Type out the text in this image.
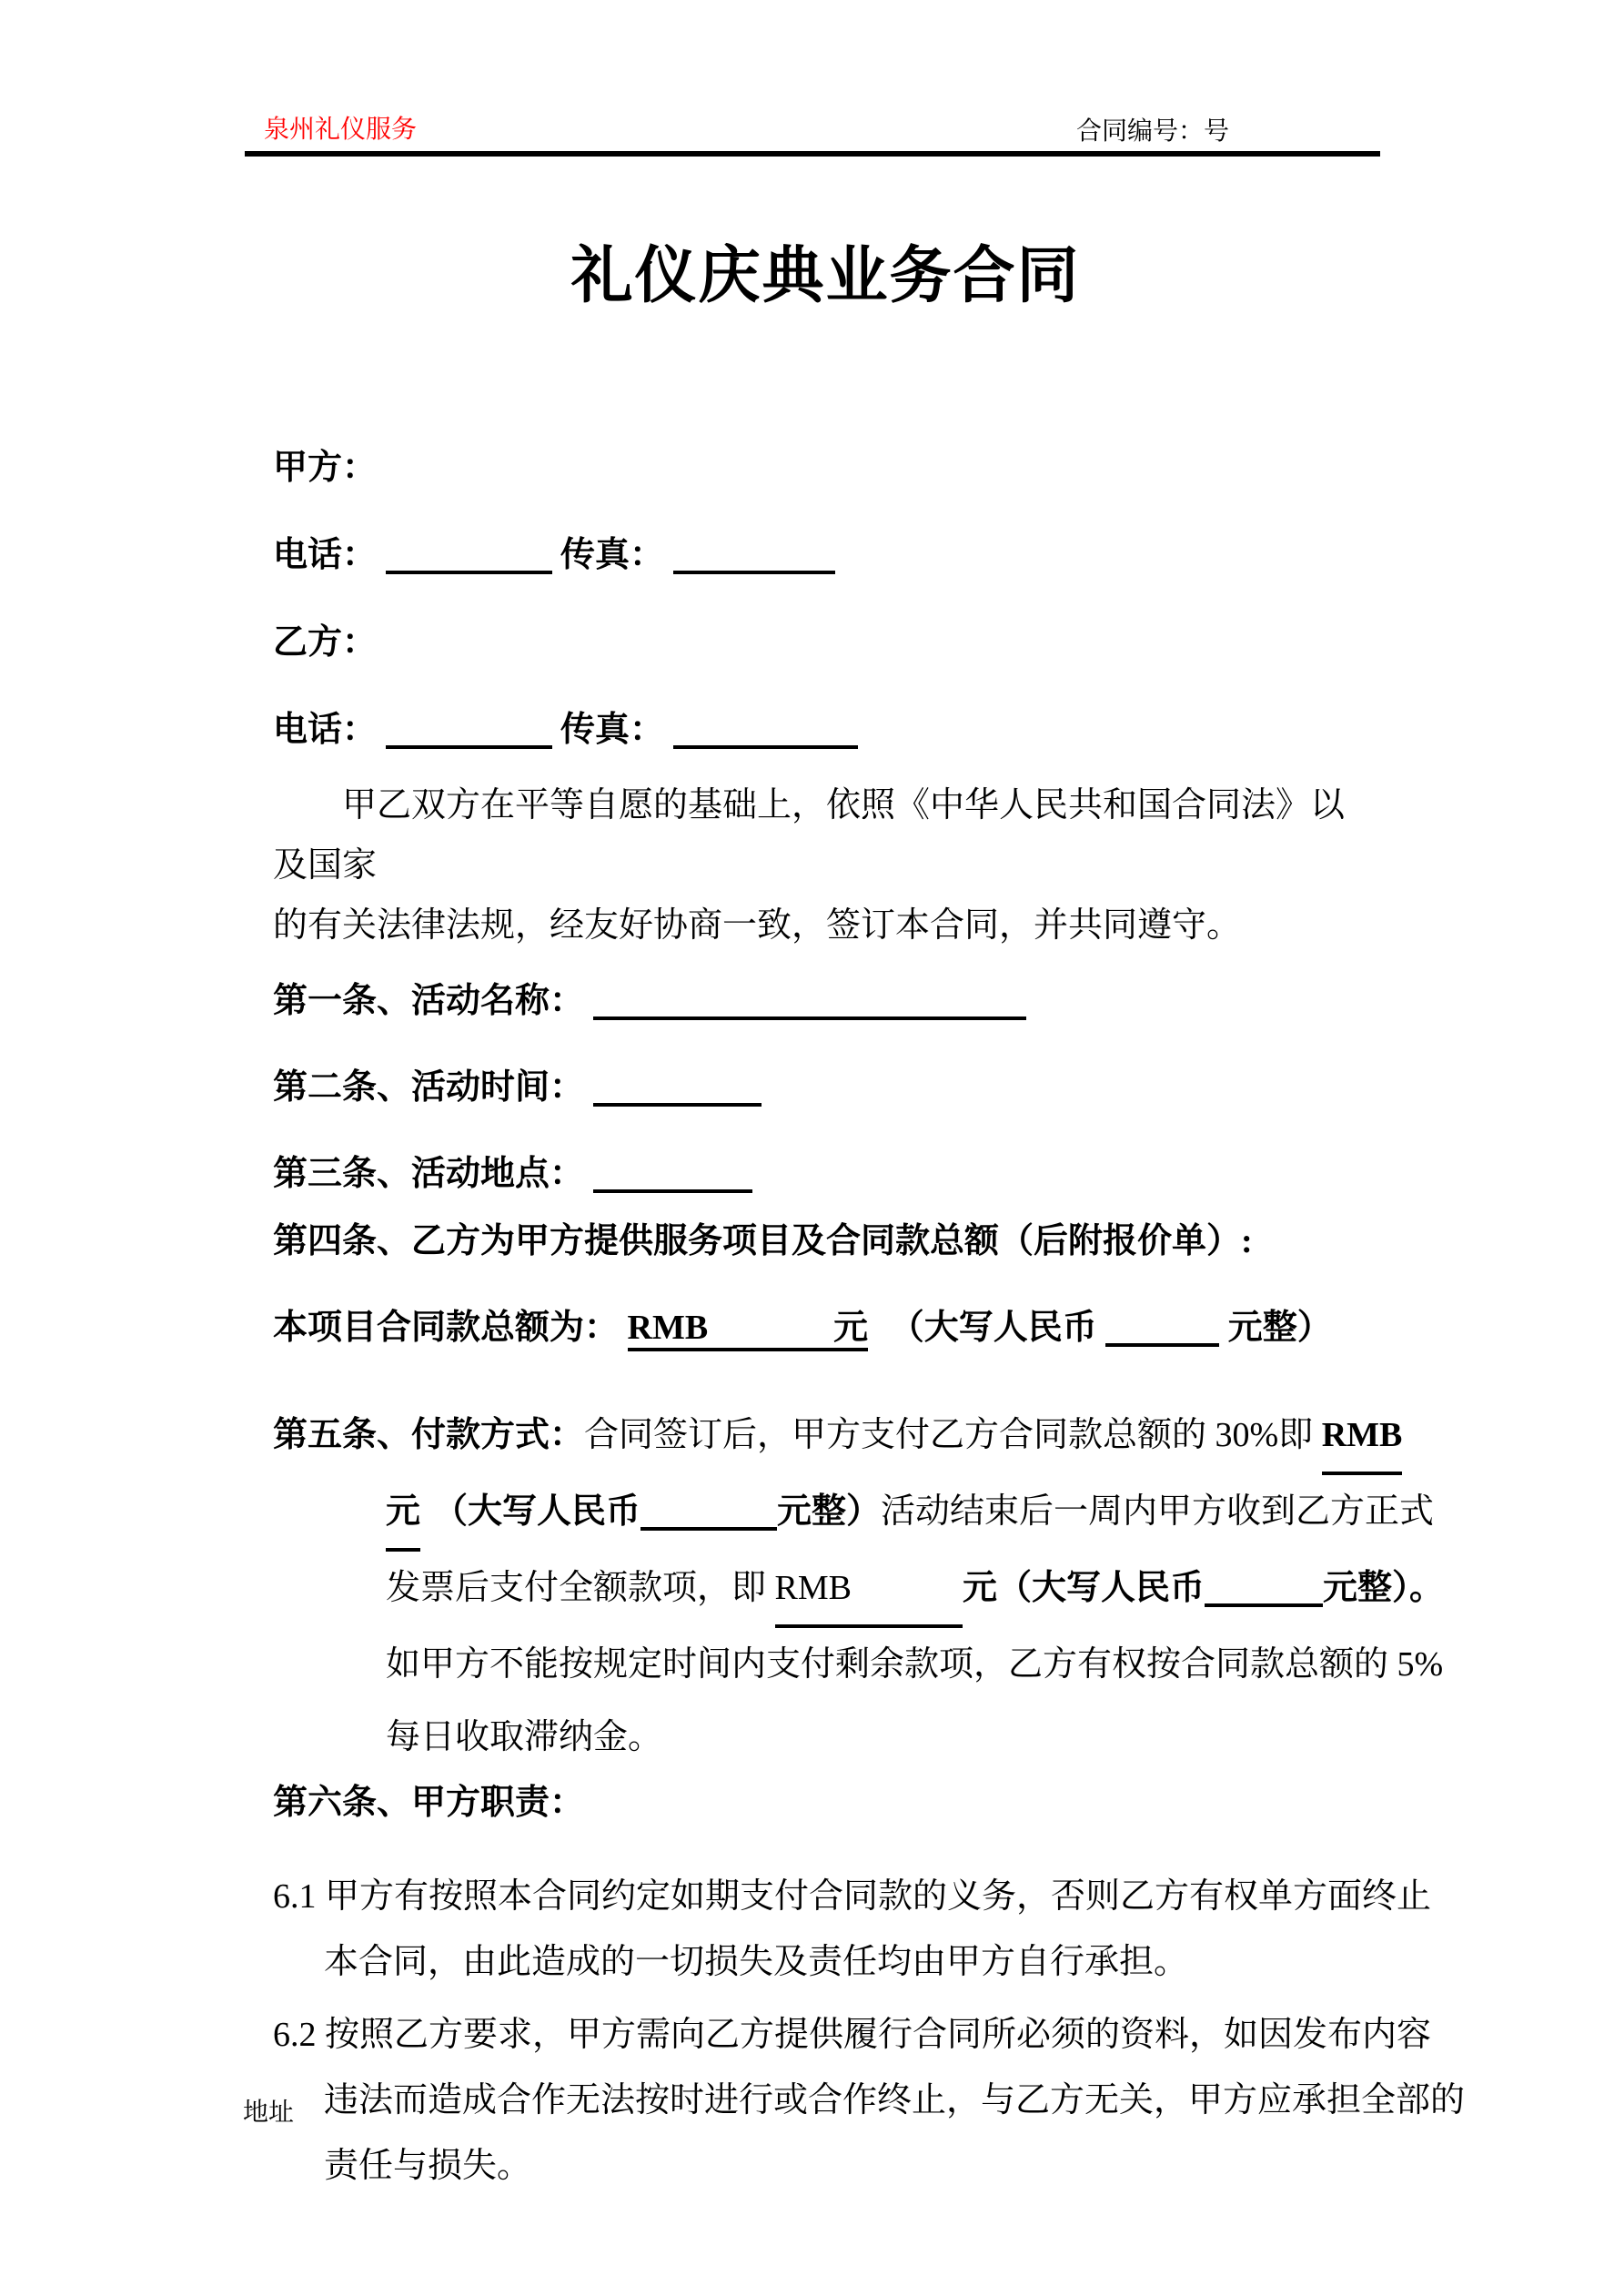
泉州礼仪服务	合同编号：号
礼仪庆典业务合同
甲方：
电话：	传真：
乙方：
电话：	传真：
甲乙双方在平等自愿的基础上，依照《中华人民共和国合同法》以及国家
的有关法律法规，经友好协商一致，签订本合同，并共同遵守。
第一条、活动名称：
第二条、活动时间：
第三条、活动地点：
第四条、乙方为甲方提供服务项目及合同款总额（后附报价单）:
本项目合同款总额为： RMB	元 （大写人民币	元整）
第五条、付款方式：合同签订后，甲方支付乙方合同款总额的 30%即 RMB
元 （大写人民币	元整）活动结束后一周内甲方收到乙方正式
发票后支付全额款项，即 RMB	元（大写人民币	元整）。
如甲方不能按规定时间内支付剩余款项，乙方有权按合同款总额的 5%
每日收取滞纳金。
第六条、甲方职责：
6.1 甲方有按照本合同约定如期支付合同款的义务，否则乙方有权单方面终止
本合同，由此造成的一切损失及责任均由甲方自行承担。
6.2 按照乙方要求，甲方需向乙方提供履行合同所必须的资料，如因发布内容
违法而造成合作无法按时进行或合作终止，与乙方无关，甲方应承担全部的
责任与损失。
地址
